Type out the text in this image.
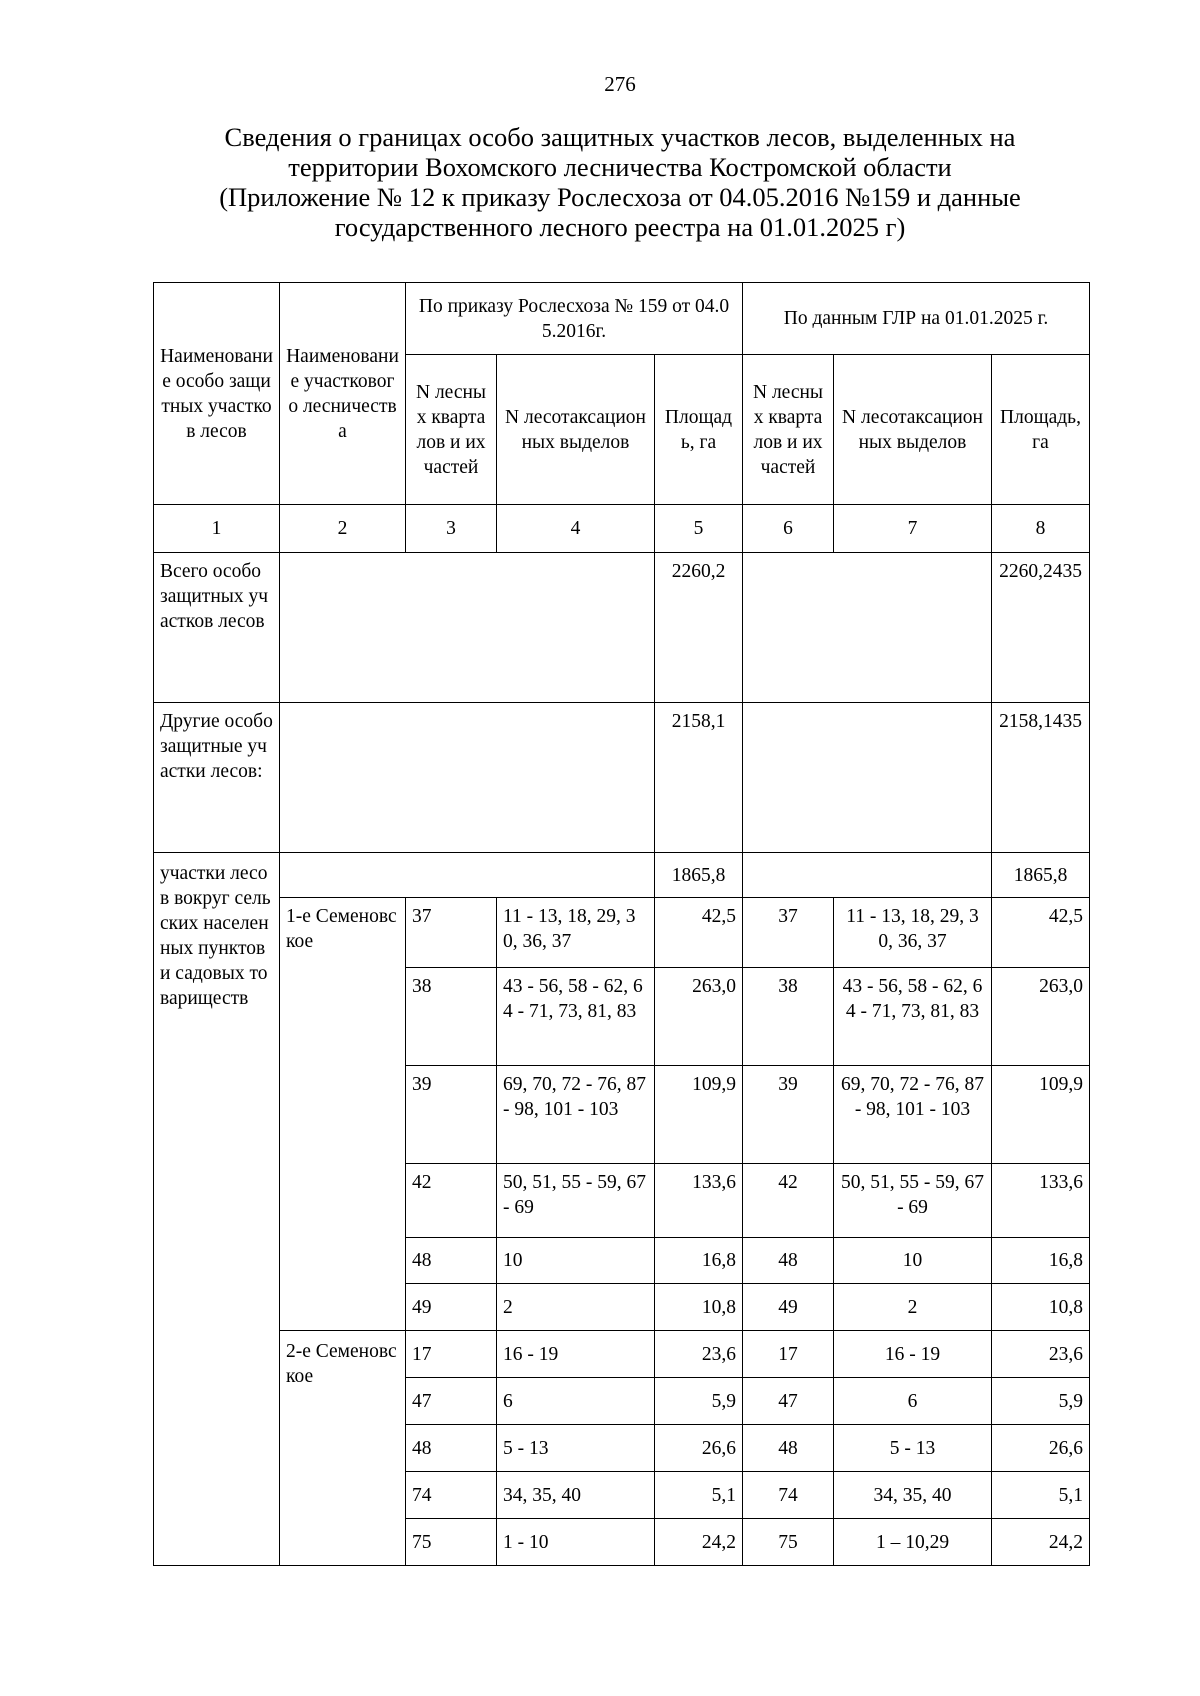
276
Сведения о границах особо защитных участков лесов, выделенных на
территории Вохомского лесничества Костромской области
(Приложение № 12 к приказу Рослесхоза от 04.05.2016 №159 и данные
государственного лесного реестра на 01.01.2025 г)
Наименование особо защитных участков лесов	Наименование участкового лесничества	По приказу Рослесхоза № 159 от 04.05.2016г.			По данным ГЛР на 01.01.2025 г.		
		N лесных кварталов и их частей	N лесотаксационных выделов	Площадь, га	N лесных кварталов и их частей	N лесотаксационных выделов	Площадь, га
1	2	3	4	5	6	7	8
Всего особо защитных участков лесов				2260,2			2260,2435
Другие особо защитные участки лесов:				2158,1			2158,1435
участки лесов вокруг сельских населенных пунктов и садовых товариществ				1865,8			1865,8
	1-е Семеновское	37	11 - 13, 18, 29, 30, 36, 37	42,5	37	11 - 13, 18, 29, 30, 36, 37	42,5
		38	43 - 56, 58 - 62, 64 - 71, 73, 81, 83	263,0	38	43 - 56, 58 - 62, 64 - 71, 73, 81, 83	263,0
		39	69, 70, 72 - 76, 87 - 98, 101 - 103	109,9	39	69, 70, 72 - 76, 87 - 98, 101 - 103	109,9
		42	50, 51, 55 - 59, 67 - 69	133,6	42	50, 51, 55 - 59, 67 - 69	133,6
		48	10	16,8	48	10	16,8
		49	2	10,8	49	2	10,8
	2-е Семеновское	17	16 - 19	23,6	17	16 - 19	23,6
		47	6	5,9	47	6	5,9
		48	5 - 13	26,6	48	5 - 13	26,6
		74	34, 35, 40	5,1	74	34, 35, 40	5,1
		75	1 - 10	24,2	75	1 – 10,29	24,2
